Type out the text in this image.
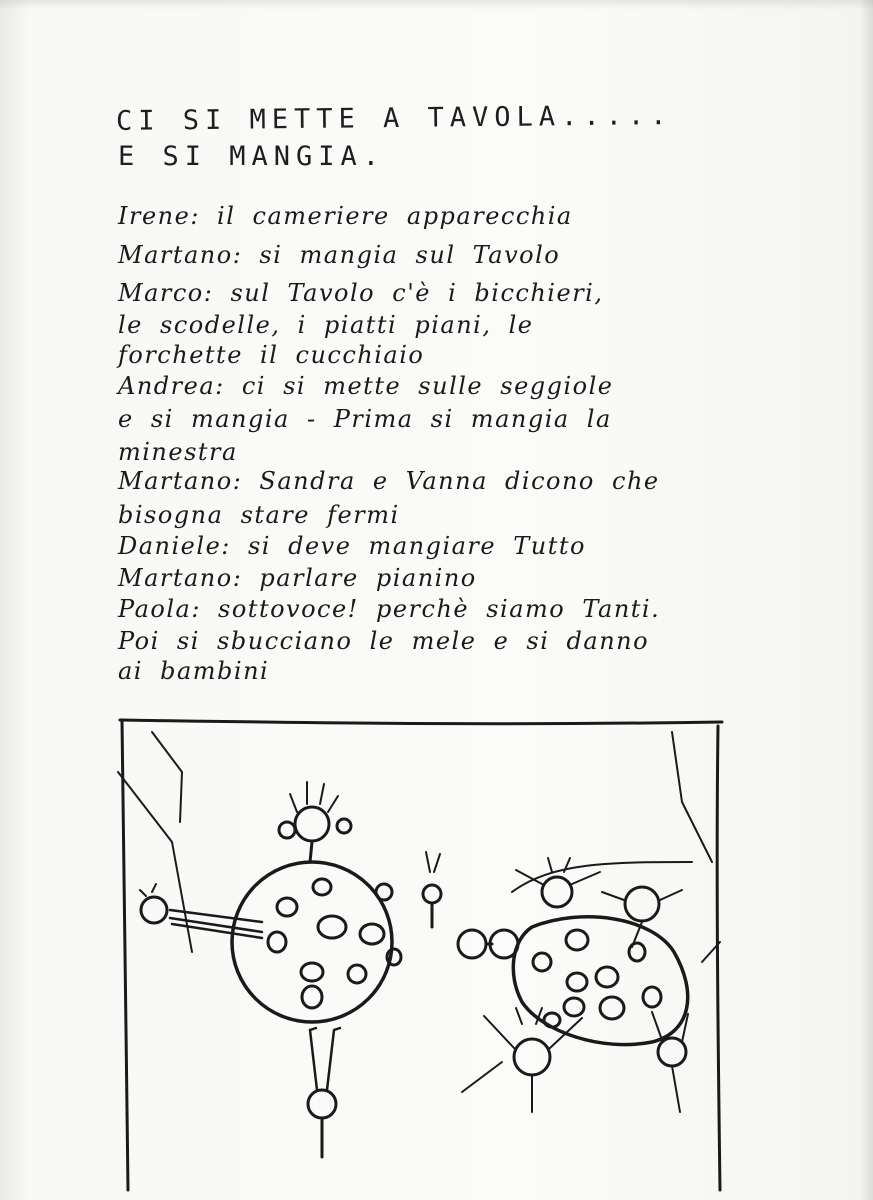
CI SI METTE A TAVOLA.....
E SI MANGIA.
Irene: il cameriere apparecchia
Martano: si mangia sul Tavolo
Marco: sul Tavolo c'è i bicchieri,
le scodelle, i piatti piani, le
forchette il cucchiaio
Andrea: ci si mette sulle seggiole
e si mangia - Prima si mangia la
minestra
Martano: Sandra e Vanna dicono che
bisogna stare fermi
Daniele: si deve mangiare Tutto
Martano: parlare pianino
Paola: sottovoce! perchè siamo Tanti.
Poi si sbucciano le mele e si danno
ai bambini
